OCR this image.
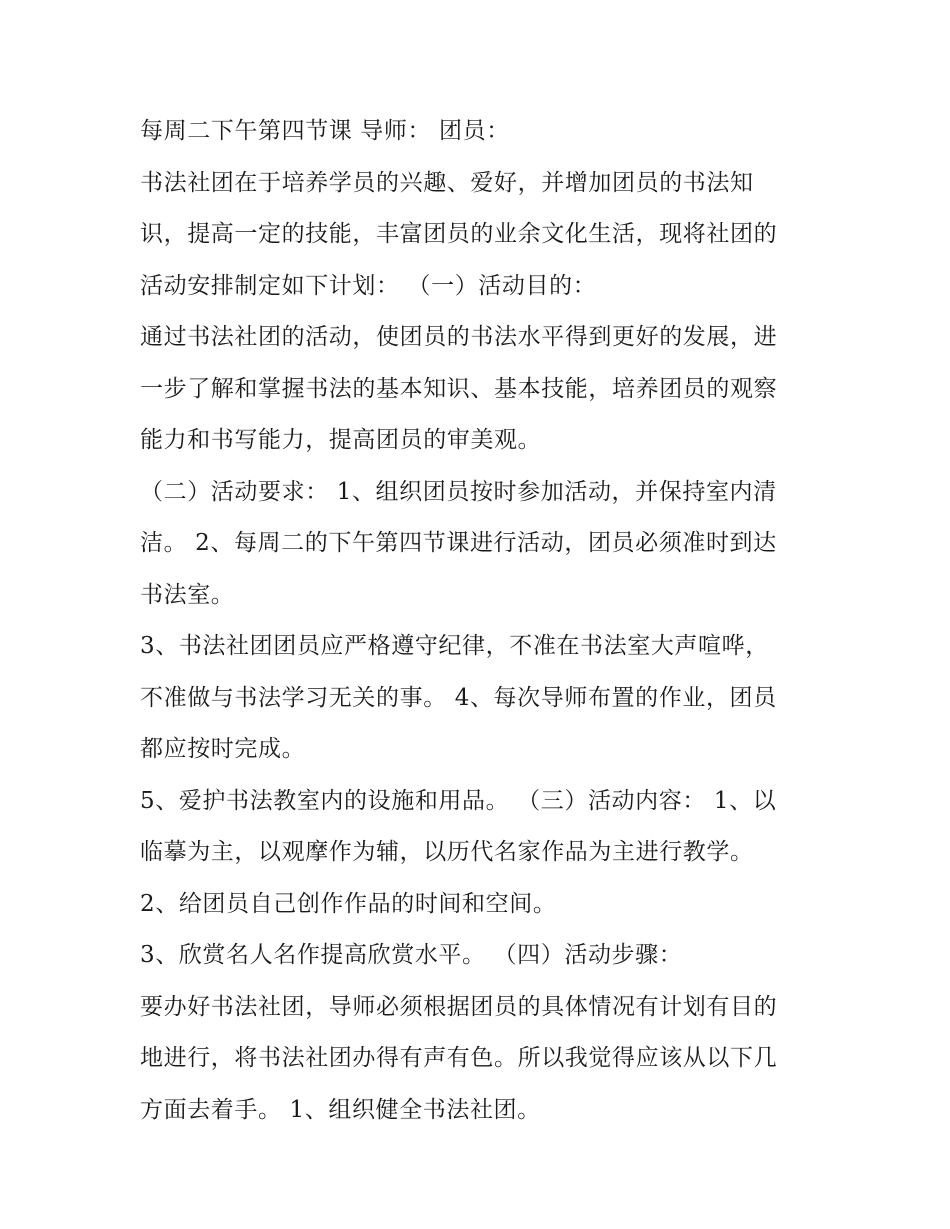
每周二下午第四节课 导师： 团员：
书法社团在于培养学员的兴趣、爱好，并增加团员的书法知
识，提高一定的技能，丰富团员的业余文化生活，现将社团的
活动安排制定如下计划： （一）活动目的：
通过书法社团的活动，使团员的书法水平得到更好的发展，进
一步了解和掌握书法的基本知识、基本技能，培养团员的观察
能力和书写能力，提高团员的审美观。
（二）活动要求： 1、组织团员按时参加活动，并保持室内清
洁。 2、每周二的下午第四节课进行活动，团员必须准时到达
书法室。
3、书法社团团员应严格遵守纪律，不准在书法室大声喧哗，
不准做与书法学习无关的事。 4、每次导师布置的作业，团员
都应按时完成。
5、爱护书法教室内的设施和用品。 （三）活动内容： 1、以
临摹为主，以观摩作为辅，以历代名家作品为主进行教学。
2、给团员自己创作作品的时间和空间。
3、欣赏名人名作提高欣赏水平。 （四）活动步骤：
要办好书法社团，导师必须根据团员的具体情况有计划有目的
地进行，将书法社团办得有声有色。所以我觉得应该从以下几
方面去着手。 1、组织健全书法社团。
